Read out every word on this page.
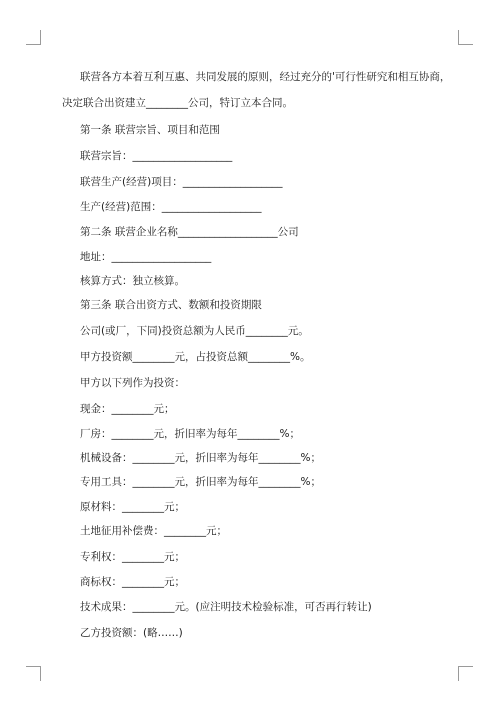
联营各方本着互利互惠、共同发展的原则，经过充分的'可行性研究和相互协商，
决定联合出资建立________公司，特订立本合同。
第一条 联营宗旨、项目和范围
联营宗旨：___________________
联营生产(经营)项目：___________________
生产(经营)范围：___________________
第二条 联营企业名称___________________公司
地址：___________________
核算方式：独立核算。
第三条 联合出资方式、数额和投资期限
公司(或厂，下同)投资总额为人民币________元。
甲方投资额________元，占投资总额________%。
甲方以下列作为投资：
现金：________元；
厂房：________元，折旧率为每年________%；
机械设备：________元，折旧率为每年________%；
专用工具：________元，折旧率为每年________%；
原材料：________元；
土地征用补偿费：________元；
专利权：________元；
商标权：________元；
技术成果：________元。(应注明技术检验标准，可否再行转让)
乙方投资额：(略……)
